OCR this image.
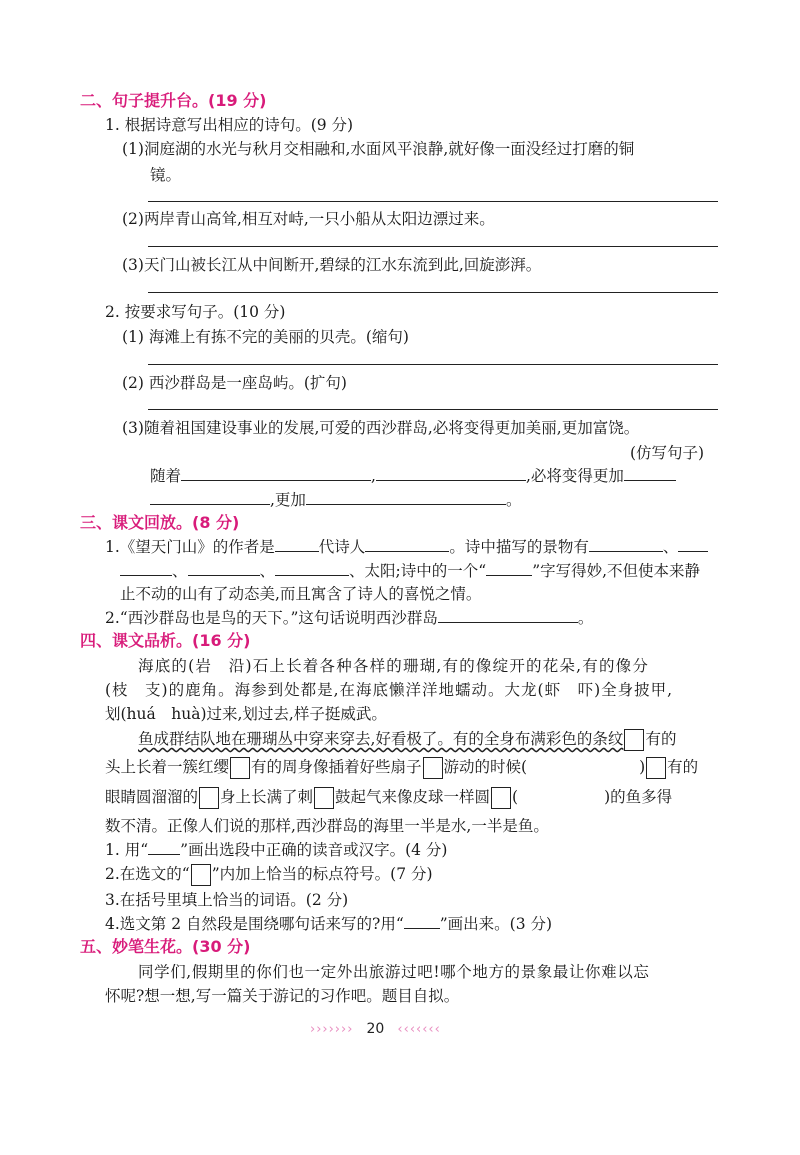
二、句子提升台。(19 分)
1. 根据诗意写出相应的诗句。(9 分)
(1)洞庭湖的水光与秋月交相融和,水面风平浪静,就好像一面没经过打磨的铜
镜。
(2)两岸青山高耸,相互对峙,一只小船从太阳边漂过来。
(3)天门山被长江从中间断开,碧绿的江水东流到此,回旋澎湃。
2. 按要求写句子。(10 分)
(1) 海滩上有拣不完的美丽的贝壳。(缩句)
(2) 西沙群岛是一座岛屿。(扩句)
(3)随着祖国建设事业的发展,可爱的西沙群岛,必将变得更加美丽,更加富饶。
(仿写句子)
随着	,	,必将变得更加
,更加	。
三、课文回放。(8 分)
1.《望天门山》的作者是	代诗人	。诗中描写的景物有	、
、	、	、太阳;诗中的一个“	”字写得妙,不但使本来静
止不动的山有了动态美,而且寓含了诗人的喜悦之情。
2.“西沙群岛也是鸟的天下。”这句话说明西沙群岛	。
四、课文品析。(16 分)
海底的(岩　沿)石上长着各种各样的珊瑚,有的像绽开的花朵,有的像分
(枝　支)的鹿角。海参到处都是,在海底懒洋洋地蠕动。大龙(虾　吓)全身披甲,
划(huá　huà)过来,划过去,样子挺威武。
鱼成群结队地在珊瑚丛中穿来穿去,好看极了。有的全身布满彩色的条纹 有的
头上长着一簇红缨 有的周身像插着好些扇子 游动的时候(	) 有的
眼睛圆溜溜的 身上长满了刺 鼓起气来像皮球一样圆 (	)的鱼多得
数不清。正像人们说的那样,西沙群岛的海里一半是水,一半是鱼。
1. 用“ ”画出选段中正确的读音或汉字。(4 分)
2.在选文的“ ”内加上恰当的标点符号。(7 分)
3.在括号里填上恰当的词语。(2 分)
4.选文第 2 自然段是围绕哪句话来写的?用“ ”画出来。(3 分)
五、妙笔生花。(30 分)
同学们,假期里的你们也一定外出旅游过吧!哪个地方的景象最让你难以忘
怀呢?想一想,写一篇关于游记的习作吧。题目自拟。
››››››› 20 ‹‹‹‹‹‹‹
